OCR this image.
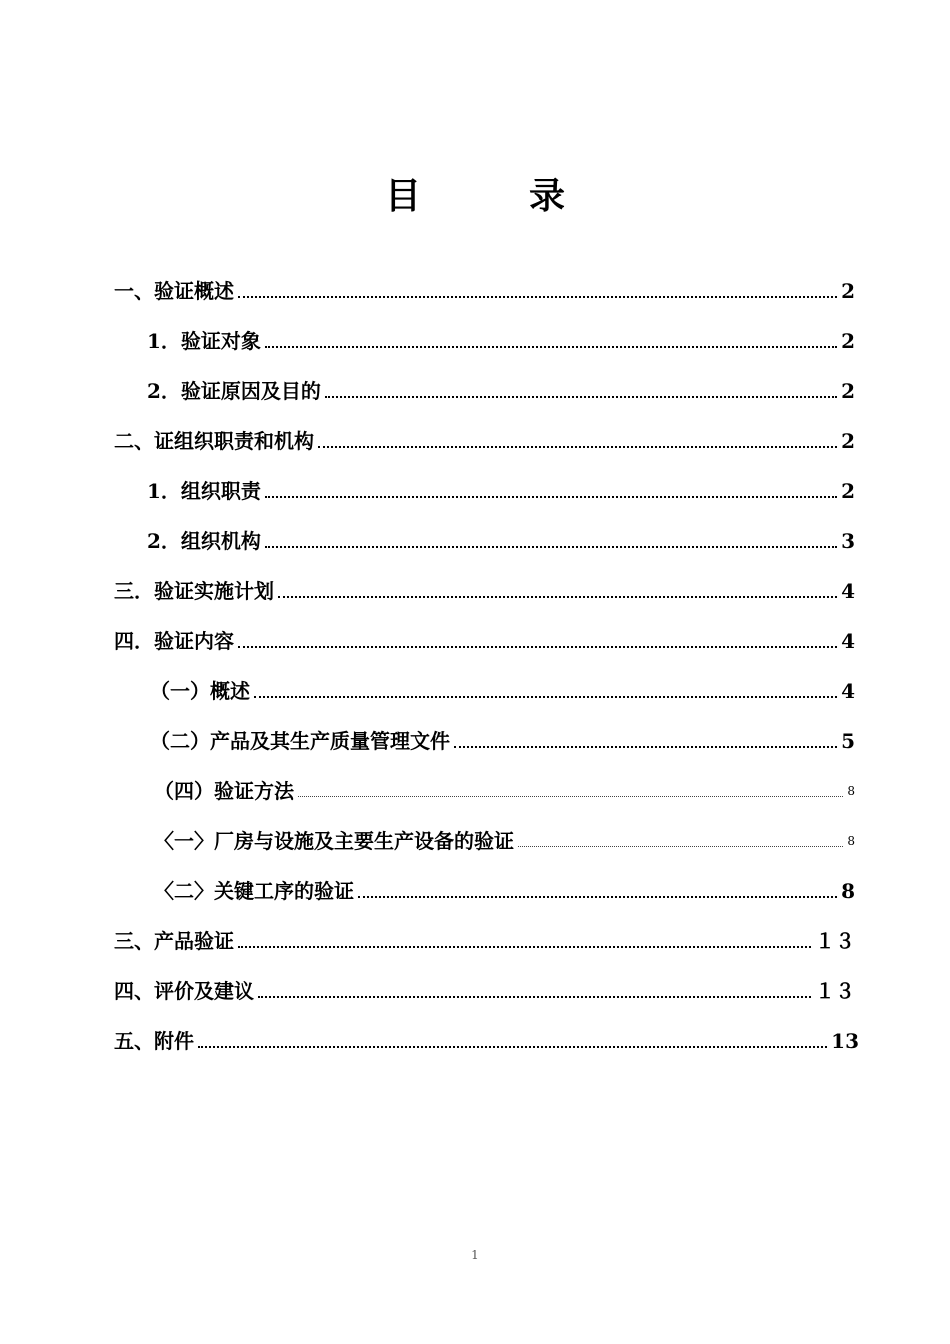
目	录
一、验证概述	2
1．验证对象	2
2．验证原因及目的	2
二、证组织职责和机构	2
1．组织职责	2
2．组织机构	3
三．验证实施计划	4
四．验证内容	4
（一）概述	4
（二）产品及其生产质量管理文件	5
（四）验证方法	8
〈一〉厂房与设施及主要生产设备的验证	8
〈二〉关键工序的验证	8
三、产品验证	１３
四、评价及建议	１３
五、附件	13
1
